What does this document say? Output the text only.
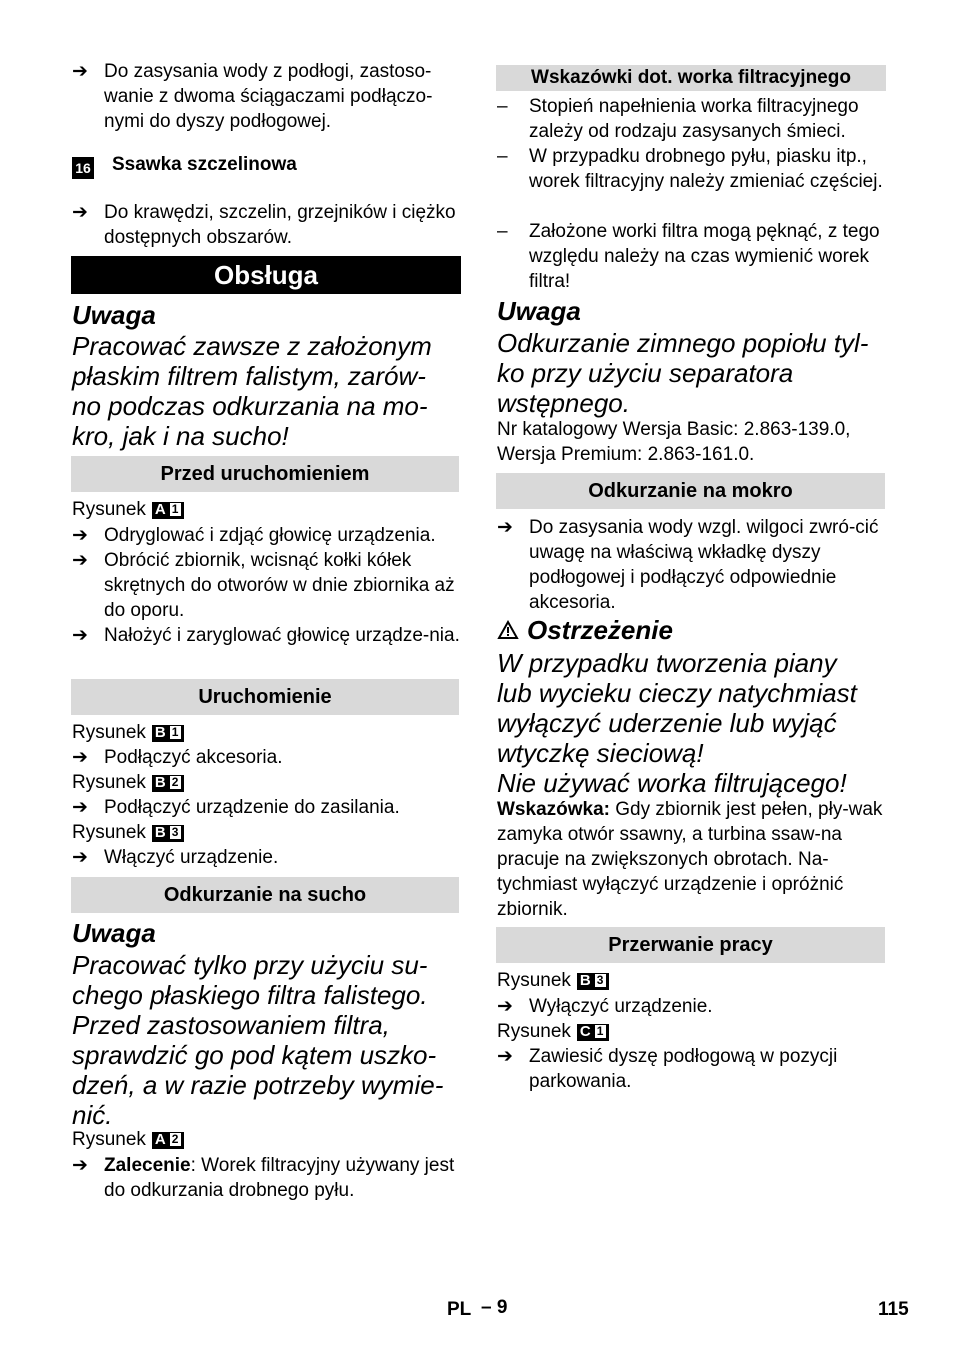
➔ Do zasysania wody z podłogi, zastoso-wanie z dwoma ściągaczami podłączo-nymi do dyszy podłogowej.
16 Ssawka szczelinowa
➔ Do krawędzi, szczelin, grzejników i ciężko dostępnych obszarów.
Obsługa
Uwaga
Pracować zawsze z założonym
płaskim filtrem falistym, zarów-
no podczas odkurzania na mo-
kro, jak i na sucho!
Przed uruchomieniem
Rysunek A 1
➔ Odryglować i zdjąć głowicę urządzenia.
➔ Obrócić zbiornik, wcisnąć kołki kółek skrętnych do otworów w dnie zbiornika aż do oporu.
➔ Nałożyć i zaryglować głowicę urządze-nia.
Uruchomienie
Rysunek B 1
➔ Podłączyć akcesoria.
Rysunek B 2
➔ Podłączyć urządzenie do zasilania.
Rysunek B 3
➔ Włączyć urządzenie.
Odkurzanie na sucho
Uwaga
Pracować tylko przy użyciu su-
chego płaskiego filtra falistego.
Przed zastosowaniem filtra,
sprawdzić go pod kątem uszko-
dzeń, a w razie potrzeby wymie-
nić.
Rysunek A 2
➔ Zalecenie: Worek filtracyjny używany jest do odkurzania drobnego pyłu.
Wskazówki dot. worka filtracyjnego
– Stopień napełnienia worka filtracyjnego zależy od rodzaju zasysanych śmieci.
– W przypadku drobnego pyłu, piasku itp., worek filtracyjny należy zmieniać częściej.
– Założone worki filtra mogą pęknąć, z tego względu należy na czas wymienić worek filtra!
Uwaga
Odkurzanie zimnego popiołu tyl-
ko przy użyciu separatora
wstępnego.
Nr katalogowy Wersja Basic: 2.863-139.0, Wersja Premium: 2.863-161.0.
Odkurzanie na mokro
➔ Do zasysania wody wzgl. wilgoci zwró-cić uwagę na właściwą wkładkę dyszy podłogowej i podłączyć odpowiednie akcesoria.
Ostrzeżenie
W przypadku tworzenia piany
lub wycieku cieczy natychmiast
wyłączyć uderzenie lub wyjąć
wtyczkę sieciową!
Nie używać worka filtrującego!
Wskazówka: Gdy zbiornik jest pełen, pły-wak zamyka otwór ssawny, a turbina ssaw-na pracuje na zwiększonych obrotach. Na-tychmiast wyłączyć urządzenie i opróżnić zbiornik.
Przerwanie pracy
Rysunek B 3
➔ Wyłączyć urządzenie.
Rysunek C 1
➔ Zawiesić dyszę podłogową w pozycji parkowania.
PL – 9	115
